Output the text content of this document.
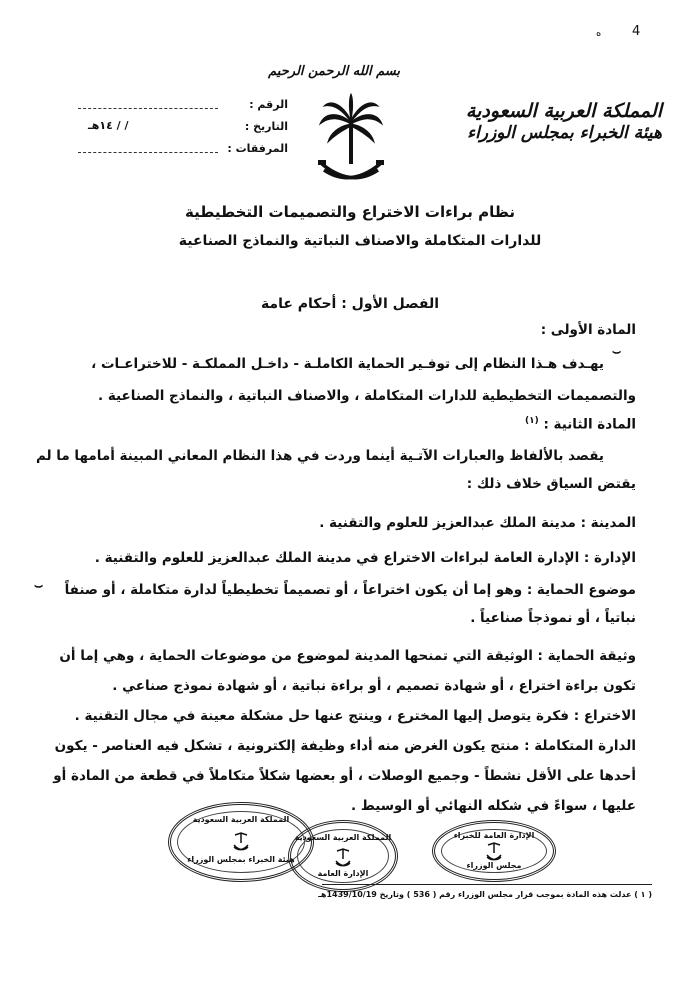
ه 4
بسم الله الرحمن الرحيم
المملكة العربية السعودية
هيئة الخبراء بمجلس الوزراء
الرقم :
التاريخ :
١٤هـ / /
المرفقات :
نظام براءات الاختراع والتصميمات التخطيطية
للدارات المتكاملة والاصناف النباتية والنماذج الصناعية
الفصل الأول : أحكام عامة
المادة الأولى :
⌣
يهـدف هـذا النظام إلى توفـير الحماية الكاملـة - داخـل المملكـة - للاختراعـات ،
والتصميمات التخطيطية للدارات المتكاملة ، والاصناف النباتية ، والنماذج الصناعية .
المادة الثانية : $^{(١)}$
يقصد بالألفاظ والعبارات الآتـية أينما وردت في هذا النظام المعاني المبينة أمامها ما لم
يقتض السياق خلاف ذلك :
المدينة : مدينة الملك عبدالعزيز للعلوم والتقنية .
الإدارة : الإدارة العامة لبراءات الاختراع في مدينة الملك عبدالعزيز للعلوم والتقنية .
⌣ موضوع الحماية : وهو إما أن يكون اختراعاً ، أو تصميماً تخطيطياً لدارة متكاملة ، أو صنفاً
نباتياً ، أو نموذجاً صناعياً .
وثيقة الحماية : الوثيقة التي تمنحها المدينة لموضوع من موضوعات الحماية ، وهي إما أن
تكون براءة اختراع ، أو شهادة تصميم ، أو براءة نباتية ، أو شهادة نموذج صناعي .
الاختراع : فكرة يتوصل إليها المخترع ، وينتج عنها حل مشكلة معينة في مجال التقنية .
الدارة المتكاملة : منتج يكون الغرض منه أداء وظيفة إلكترونية ، تشكل فيه العناصر - يكون
أحدها على الأقل نشطاً - وجميع الوصلات ، أو بعضها شكلاً متكاملاً في قطعة من المادة أو
عليها ، سواءً في شكله النهائي أو الوسيط .
المملكة العربية السعودية
هيئة الخبراء بمجلس الوزراء
المملكة العربية السعودية
الإدارة العامة
الإدارة العامة للخبراء
مجلس الوزراء
( ١ ) عدلت هذه المادة بموجب قرار مجلس الوزراء رقم ( 536 ) وتاريخ 1439/10/19هـ
